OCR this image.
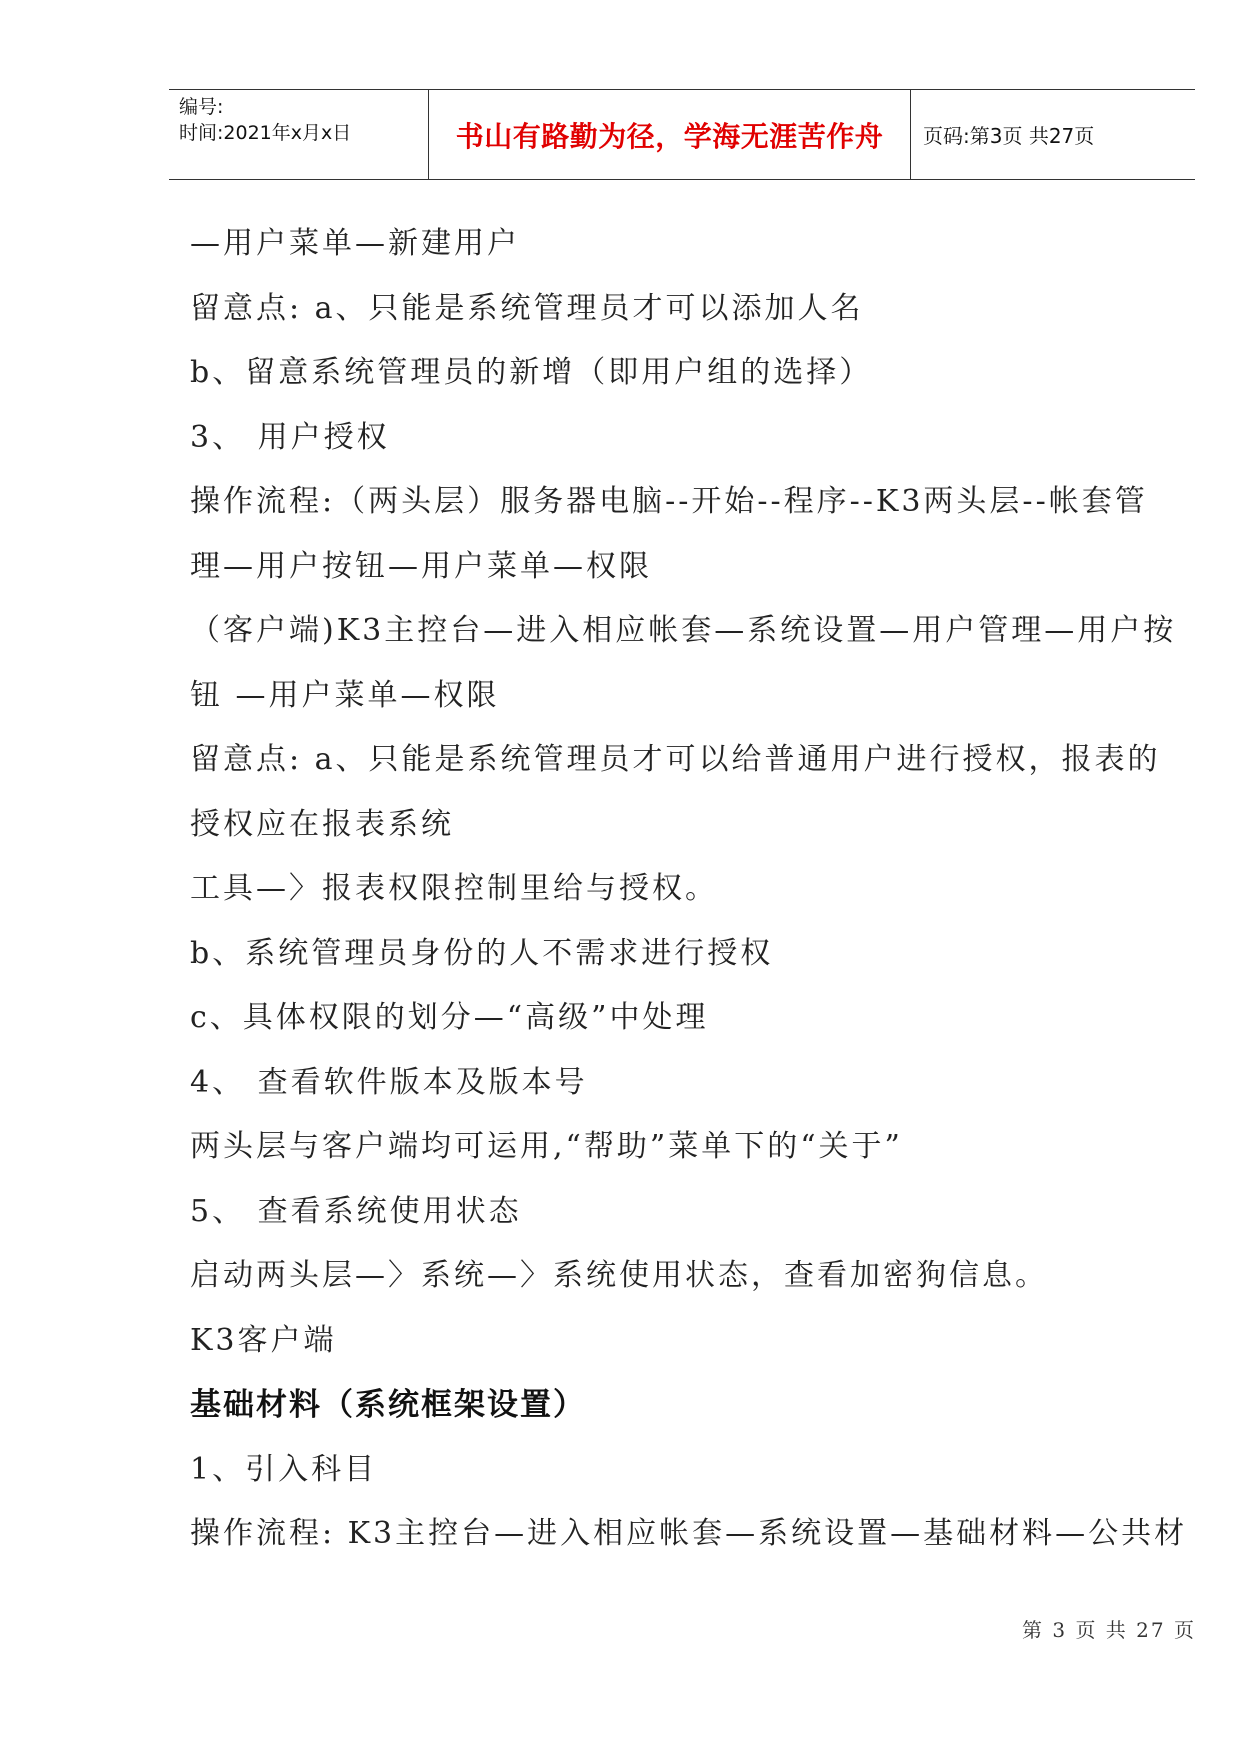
编号:
时间:2021年x月x日	书山有路勤为径，学海无涯苦作舟	页码:第3页 共27页
—用户菜单—新建用户
留意点: a、只能是系统管理员才可以添加人名
b、留意系统管理员的新增（即用户组的选择）
3、 用户授权
操作流程:（两头层）服务器电脑--开始--程序--K3两头层--帐套管
理—用户按钮—用户菜单—权限
（客户端)K3主控台—进入相应帐套—系统设置—用户管理—用户按
钮 —用户菜单—权限
留意点: a、只能是系统管理员才可以给普通用户进行授权，报表的
授权应在报表系统
工具—〉报表权限控制里给与授权。
b、系统管理员身份的人不需求进行授权
c、具体权限的划分—“高级”中处理
4、 查看软件版本及版本号
两头层与客户端均可运用,“帮助”菜单下的“关于”
5、 查看系统使用状态
启动两头层—〉系统—〉系统使用状态，查看加密狗信息。
K3客户端
基础材料（系统框架设置）
1、引入科目
操作流程: K3主控台—进入相应帐套—系统设置—基础材料—公共材
第 3 页 共 27 页
